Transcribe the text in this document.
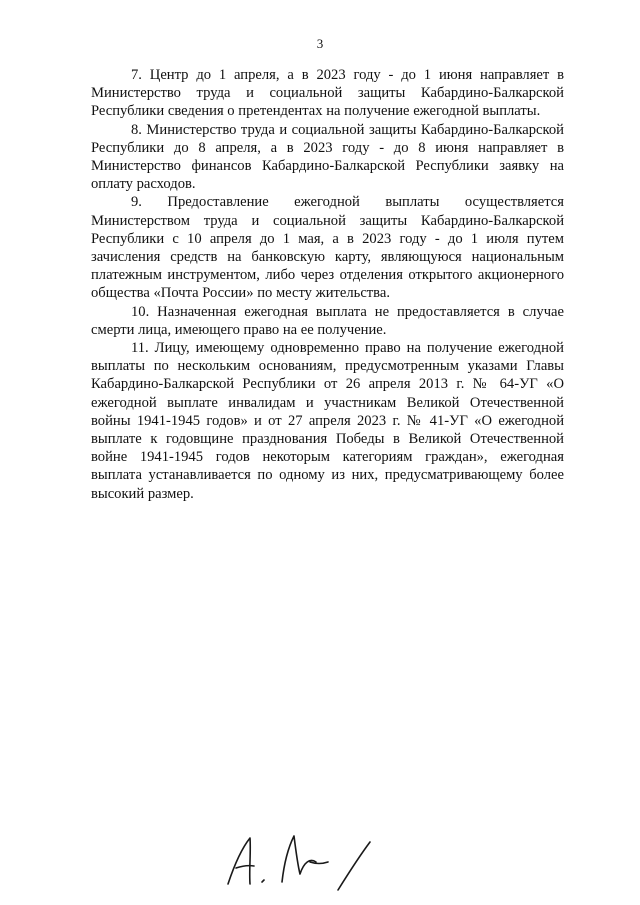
3

7. Центр до 1 апреля, а в 2023 году - до 1 июня направляет в Министерство труда и социальной защиты Кабардино-Балкарской Республики сведения о претендентах на получение ежегодной выплаты.

8. Министерство труда и социальной защиты Кабардино-Балкарской Республики до 8 апреля, а в 2023 году - до 8 июня направляет в Министерство финансов Кабардино-Балкарской Республики заявку на оплату расходов.

9. Предоставление ежегодной выплаты осуществляется Министерством труда и социальной защиты Кабардино-Балкарской Республики с 10 апреля до 1 мая, а в 2023 году - до 1 июля путем зачисления средств на банковскую карту, являющуюся национальным платежным инструментом, либо через отделения открытого акционерного общества «Почта России» по месту жительства.

10. Назначенная ежегодная выплата не предоставляется в случае смерти лица, имеющего право на ее получение.

11. Лицу, имеющему одновременно право на получение ежегодной выплаты по нескольким основаниям, предусмотренным указами Главы Кабардино-Балкарской Республики от 26 апреля 2013 г. № 64-УГ «О ежегодной выплате инвалидам и участникам Великой Отечественной войны 1941-1945 годов» и от 27 апреля 2023 г. № 41-УГ «О ежегодной выплате к годовщине празднования Победы в Великой Отечественной войне 1941-1945 годов некоторым категориям граждан», ежегодная выплата устанавливается по одному из них, предусматривающему более высокий размер.
